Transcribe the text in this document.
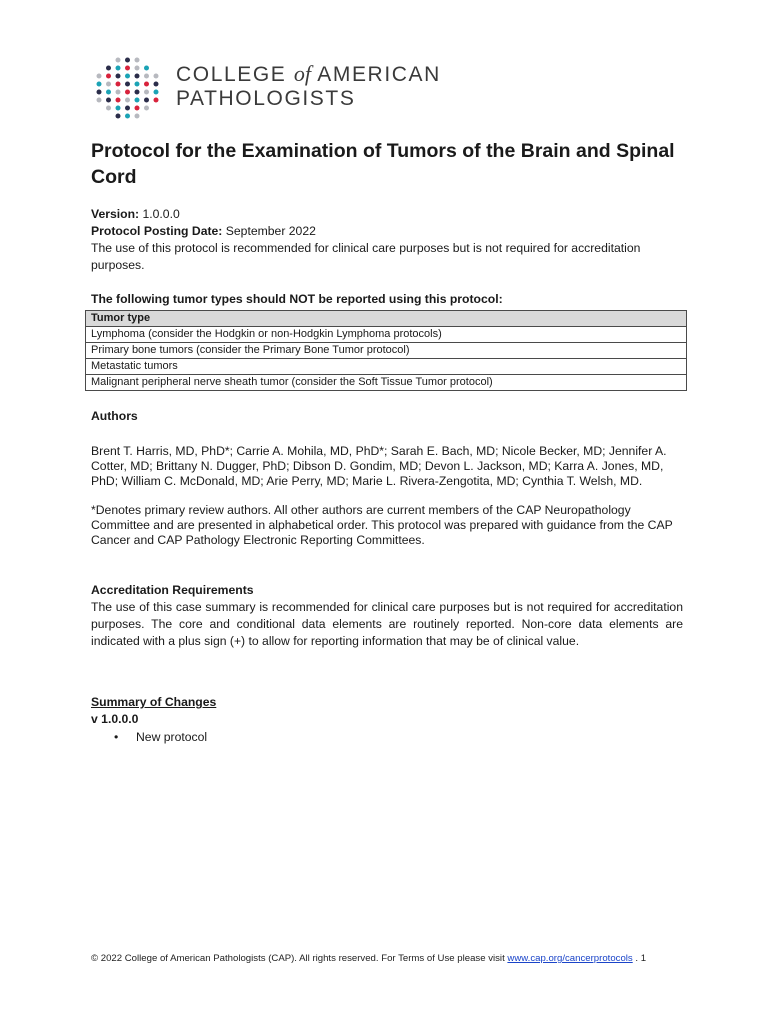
COLLEGE of AMERICAN
PATHOLOGISTS
Protocol for the Examination of Tumors of the Brain and Spinal Cord
Version: 1.0.0.0
Protocol Posting Date: September 2022
The use of this protocol is recommended for clinical care purposes but is not required for accreditation purposes.
The following tumor types should NOT be reported using this protocol:
Tumor type
Lymphoma (consider the Hodgkin or non-Hodgkin Lymphoma protocols)
Primary bone tumors (consider the Primary Bone Tumor protocol)
Metastatic tumors
Malignant peripheral nerve sheath tumor (consider the Soft Tissue Tumor protocol)
Authors
Brent T. Harris, MD, PhD*; Carrie A. Mohila, MD, PhD*; Sarah E. Bach, MD; Nicole Becker, MD; Jennifer A. Cotter, MD; Brittany N. Dugger, PhD; Dibson D. Gondim, MD; Devon L. Jackson, MD; Karra A. Jones, MD, PhD; William C. McDonald, MD; Arie Perry, MD; Marie L. Rivera-Zengotita, MD; Cynthia T. Welsh, MD.
*Denotes primary review authors. All other authors are current members of the CAP Neuropathology Committee and are presented in alphabetical order. This protocol was prepared with guidance from the CAP Cancer and CAP Pathology Electronic Reporting Committees.
Accreditation Requirements
The use of this case summary is recommended for clinical care purposes but is not required for accreditation purposes. The core and conditional data elements are routinely reported. Non-core data elements are indicated with a plus sign (+) to allow for reporting information that may be of clinical value.
Summary of Changes
v 1.0.0.0
• New protocol
© 2022 College of American Pathologists (CAP). All rights reserved. For Terms of Use please visit www.cap.org/cancerprotocols . 1
